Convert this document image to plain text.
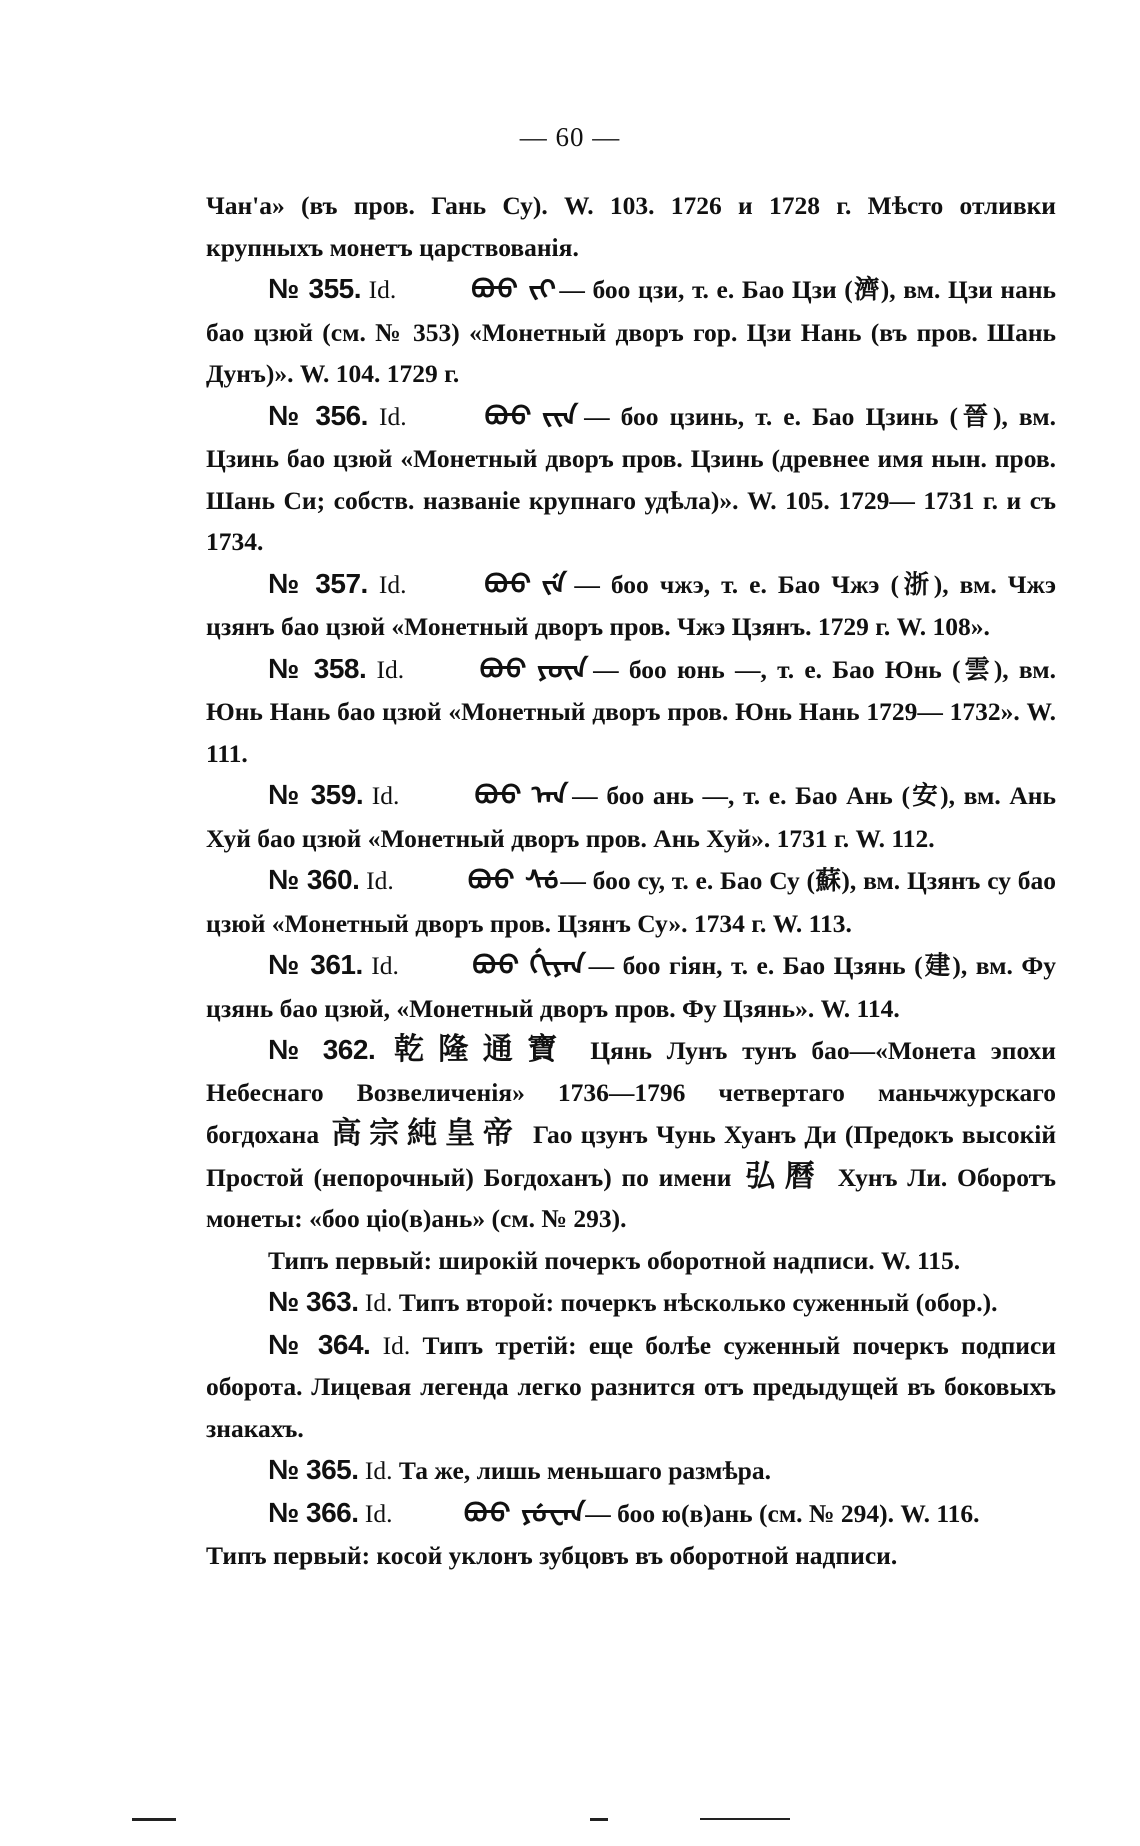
— 60 —

Чан'а» (въ пров. Гань Су). W. 103. 1726 и 1728 г. Мѣсто отливки крупныхъ монетъ царствованія.

№ 355. Id.	ᠪᠣᠣ ᠵᡳ — боо цзи, т. е. Бао Цзи (濟), вм. Цзи нань бао цзюй (см. № 353) «Монетный дворъ гор. Цзи Нань (въ пров. Шань Дунъ)». W. 104. 1729 г.

№ 356. Id.	ᠪᠣᠣ ᠵᡳᠨ — боо цзинь, т. е. Бао Цзинь (晉), вм. Цзинь бао цзюй «Монетный дворъ пров. Цзинь (древнее имя нын. пров. Шань Си; собств. названіе крупнаго удѣла)». W. 105. 1729— 1731 г. и съ 1734.

№ 357. Id.	ᠪᠣᠣ ᠵᡝ — боо чжэ, т. е. Бао Чжэ (浙), вм. Чжэ цзянъ бао цзюй «Монетный дворъ пров. Чжэ Цзянъ. 1729 г. W. 108».

№ 358. Id.	ᠪᠣᠣ ᠶᡡᠨ — боо юнь —, т. е. Бао Юнь (雲), вм. Юнь Нань бао цзюй «Монетный дворъ пров. Юнь Нань 1729— 1732». W. 111.

№ 359. Id.	ᠪᠣᠣ ᠠᠨ — боо ань —, т. е. Бао Ань (安), вм. Ань Хуй бао цзюй «Монетный дворъ пров. Ань Хуй». 1731 г. W. 112.

№ 360. Id.	ᠪᠣᠣ ᠰᡠ — боо су, т. е. Бао Су (蘇), вм. Цзянъ су бао цзюй «Монетный дворъ пров. Цзянъ Су». 1734 г. W. 113.

№ 361. Id.	ᠪᠣᠣ ᡤᡳᠶᠠᠨ — боо гіян, т. е. Бао Цзянь (建), вм. Фу цзянь бао цзюй, «Монетный дворъ пров. Фу Цзянь». W. 114.

№ 362. 乾隆通寶 Цянь Лунъ тунъ бао—«Монета эпохи Небеснаго Возвеличенія» 1736—1796 четвертаго маньчжурскаго богдохана 高宗純皇帝 Гао цзунъ Чунь Хуанъ Ди (Предокъ высокій Простой (непорочный) Богдоханъ) по имени 弘曆 Хунъ Ли. Оборотъ монеты: «боо ціо(в)ань» (см. № 293).

Типъ первый: широкій почеркъ оборотной надписи. W. 115.

№ 363. Id. Типъ второй: почеркъ нѣсколько суженный (обор.).

№ 364. Id. Типъ третій: еще болѣе суженный почеркъ подписи оборота. Лицевая легенда легко разнится отъ предыдущей въ боковыхъ знакахъ.

№ 365. Id. Та же, лишь меньшаго размѣра.

№ 366. Id.	ᠪᠣᠣ ᠶᡠᠸᠠᠨ — боо ю(в)ань (см. № 294). W. 116.

Типъ первый: косой уклонъ зубцовъ въ оборотной надписи.
